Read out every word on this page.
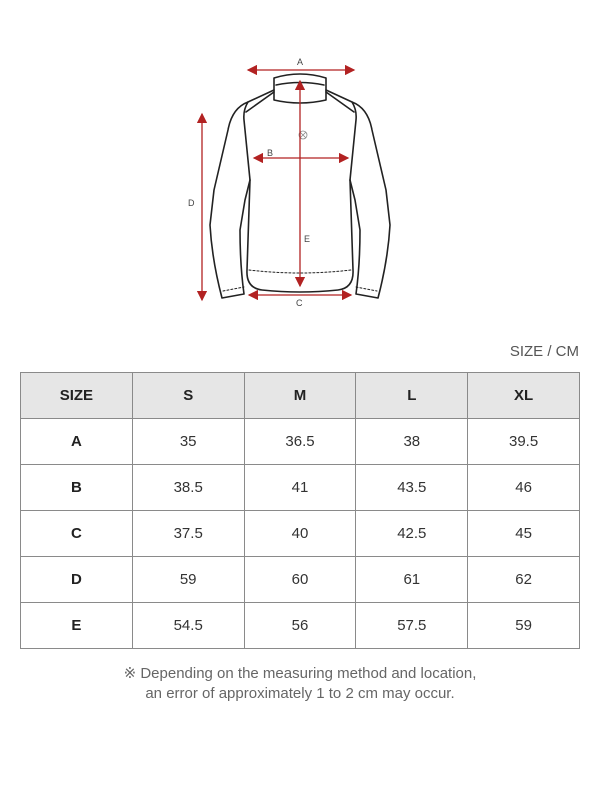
A
B
C
D
E
SIZE / CM
SIZE	S	M	L	XL
A	35	36.5	38	39.5
B	38.5	41	43.5	46
C	37.5	40	42.5	45
D	59	60	61	62
E	54.5	56	57.5	59
※ Depending on the measuring method and location,
an error of approximately 1 to 2 cm may occur.
